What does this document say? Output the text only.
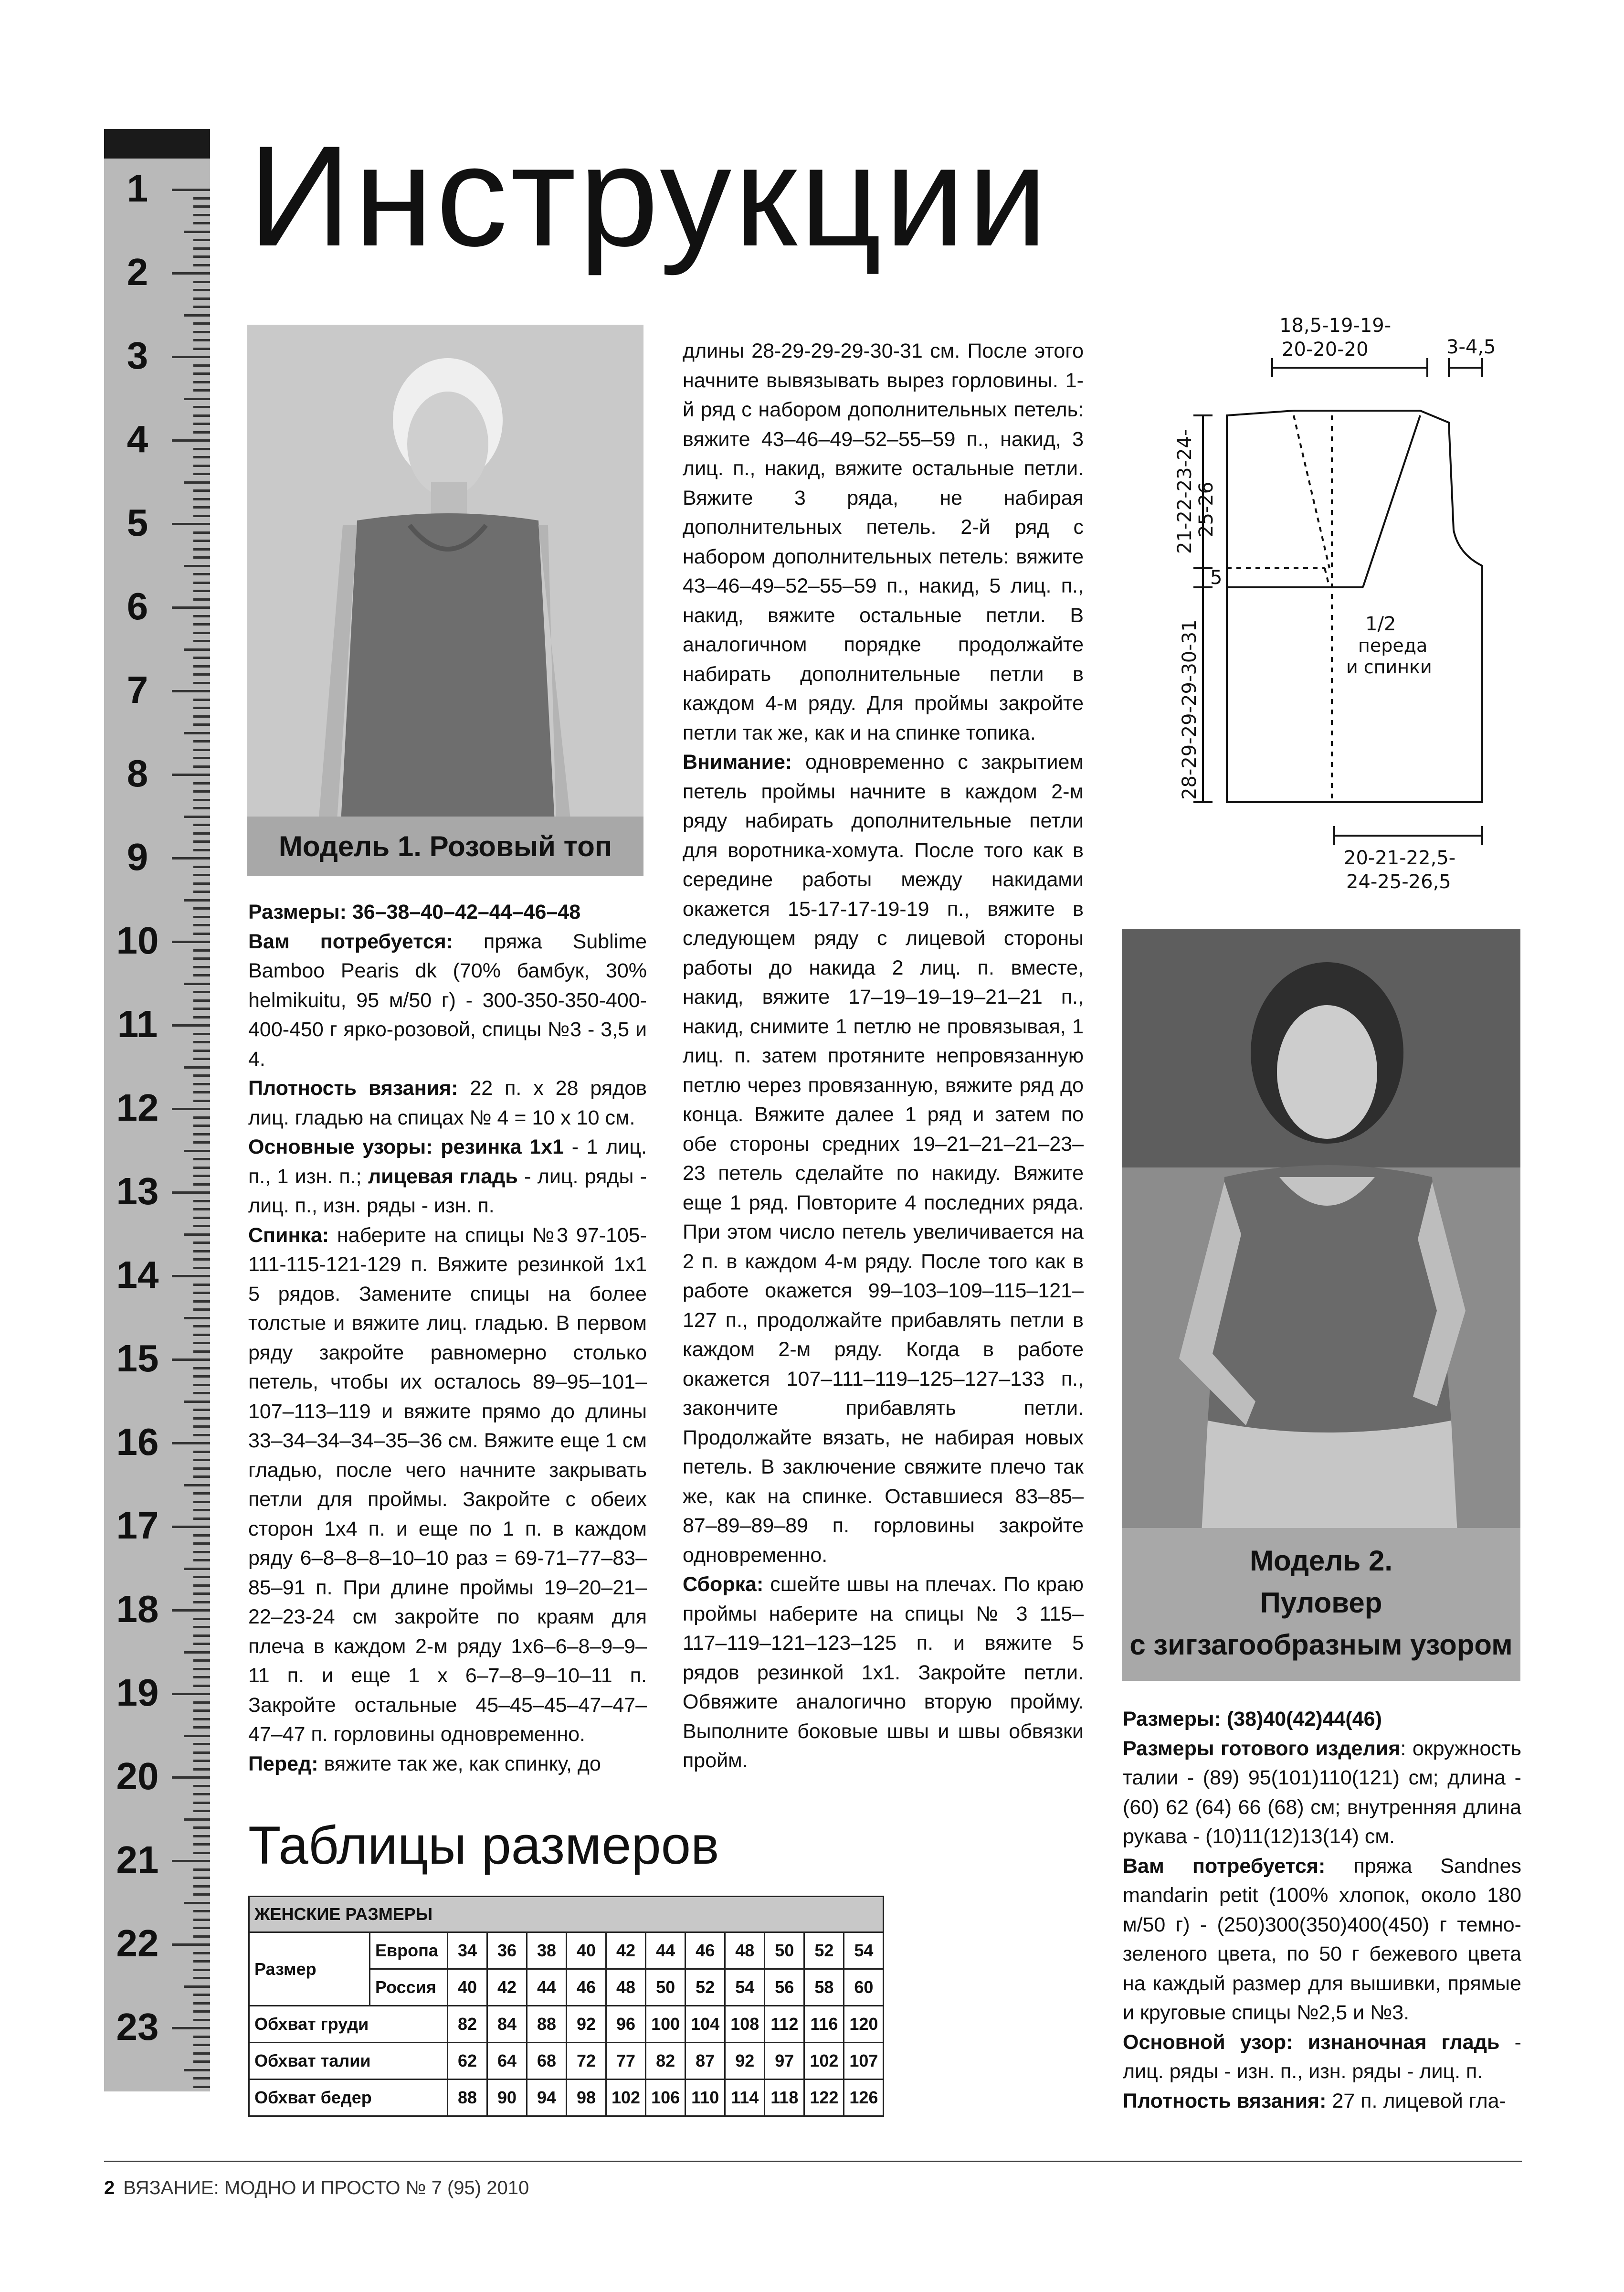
1
2
3
4
5
6
7
8
9
10
11
12
13
14
15
16
17
18
19
20
21
22
23
Инструкции
Модель 1. Розовый топ

Размеры: 36–38–40–42–44–46–48

Вам потребуется: пряжа Sublime Bamboo Pearis dk (70% бамбук, 30% helmikuitu, 95 м/50 г) - 300-350-350-400-400-450 г ярко-розовой, спицы №3 - 3,5 и 4.

Плотность вязания: 22 п. x 28 рядов лиц. гладью на спицах № 4 = 10 x 10 см.

Основные узоры: резинка 1x1 - 1 лиц. п., 1 изн. п.; лицевая гладь - лиц. ряды - лиц. п., изн. ряды - изн. п.

Спинка: наберите на спицы №3 97-105-111-115-121-129 п. Вяжите резинкой 1x1 5 рядов. Замените спицы на более толстые и вяжите лиц. гладью. В первом ряду закройте равномерно столько петель, чтобы их осталось 89–95–101–107–113–119 и вяжите прямо до длины 33–34–34–34–35–36 см. Вяжите еще 1 см гладью, после чего начните закрывать петли для проймы. Закройте с обеих сторон 1x4 п. и еще по 1 п. в каждом ряду 6–8–8–8–10–10 раз = 69-71–77–83–85–91 п. При длине проймы 19–20–21–22–23-24 см закройте по краям для плеча в каждом 2-м ряду 1x6–6–8–9–9–11 п. и еще 1 x 6–7–8–9–10–11 п. Закройте остальные 45–45–45–47–47–47–47 п. горловины одновременно.

Перед: вяжите так же, как спинку, до

длины 28-29-29-29-30-31 см. После этого начните вывязывать вырез горловины. 1-й ряд с набором дополнительных петель: вяжите 43–46–49–52–55–59 п., накид, 3 лиц. п., накид, вяжите остальные петли. Вяжите 3 ряда, не набирая дополнительных петель. 2-й ряд с набором дополнительных петель: вяжите 43–46–49–52–55–59 п., накид, 5 лиц. п., накид, вяжите остальные петли. В аналогичном порядке продолжайте набирать дополнительные петли в каждом 4-м ряду. Для проймы закройте петли так же, как и на спинке топика.

Внимание: одновременно с закрытием петель проймы начните в каждом 2-м ряду набирать дополнительные петли для воротника-хомута. После того как в середине работы между накидами окажется 15-17-17-19-19 п., вяжите в следующем ряду с лицевой стороны работы до накида 2 лиц. п. вместе, накид, вяжите 17–19–19–19–21–21 п., накид, снимите 1 петлю не провязывая, 1 лиц. п. затем протяните непровязанную петлю через провязанную, вяжите ряд до конца. Вяжите далее 1 ряд и затем по обе стороны средних 19–21–21–21–23–23 петель сделайте по накиду. Вяжите еще 1 ряд. Повторите 4 последних ряда. При этом число петель увеличивается на 2 п. в каждом 4-м ряду. После того как в работе окажется 99–103–109–115–121–127 п., продолжайте прибавлять петли в каждом 2-м ряду. Когда в работе окажется 107–111–119–125–127–133 п., закончите прибавлять петли. Продолжайте вязать, не набирая новых петель. В заключение свяжите плечо так же, как на спинке. Оставшиеся 83–85–87–89–89–89 п. горловины закройте одновременно.

Сборка: сшейте швы на плечах. По краю проймы наберите на спицы № 3 115–117–119–121–123–125 п. и вяжите 5 рядов резинкой 1x1. Закройте петли. Обвяжите аналогично вторую пройму. Выполните боковые швы и швы обвязки пройм.

18,5-19-19-
20-20-20	3-4,5
21-22-23-24- 25-26
5
28-29-29-29-30-31	1/2
переда
и спинки
20-21-22,5-
24-25-26,5
Модель 2.
Пуловер
с зигзагообразным узором

Размеры: (38)40(42)44(46)

Размеры готового изделия: окружность талии - (89) 95(101)110(121) см; длина - (60) 62 (64) 66 (68) см; внутренняя длина рукава - (10)11(12)13(14) см.

Вам потребуется: пряжа Sandnes mandarin petit (100% хлопок, около 180 м/50 г) - (250)300(350)400(450) г темно-зеленого цвета, по 50 г бежевого цвета на каждый размер для вышивки, прямые и круговые спицы №2,5 и №3.

Основной узор: изнаночная гладь - лиц. ряды - изн. п., изн. ряды - лиц. п.

Плотность вязания: 27 п. лицевой гла-

Таблицы размеров
ЖЕНСКИЕ РАЗМЕРЫ												
Размер	Европа	34	36	38	40	42	44	46	48	50	52	54
	Россия	40	42	44	46	48	50	52	54	56	58	60
Обхват груди		82	84	88	92	96	100	104	108	112	116	120
Обхват талии		62	64	68	72	77	82	87	92	97	102	107
Обхват бедер		88	90	94	98	102	106	110	114	118	122	126
2 ВЯЗАНИЕ: МОДНО И ПРОСТО № 7 (95) 2010
